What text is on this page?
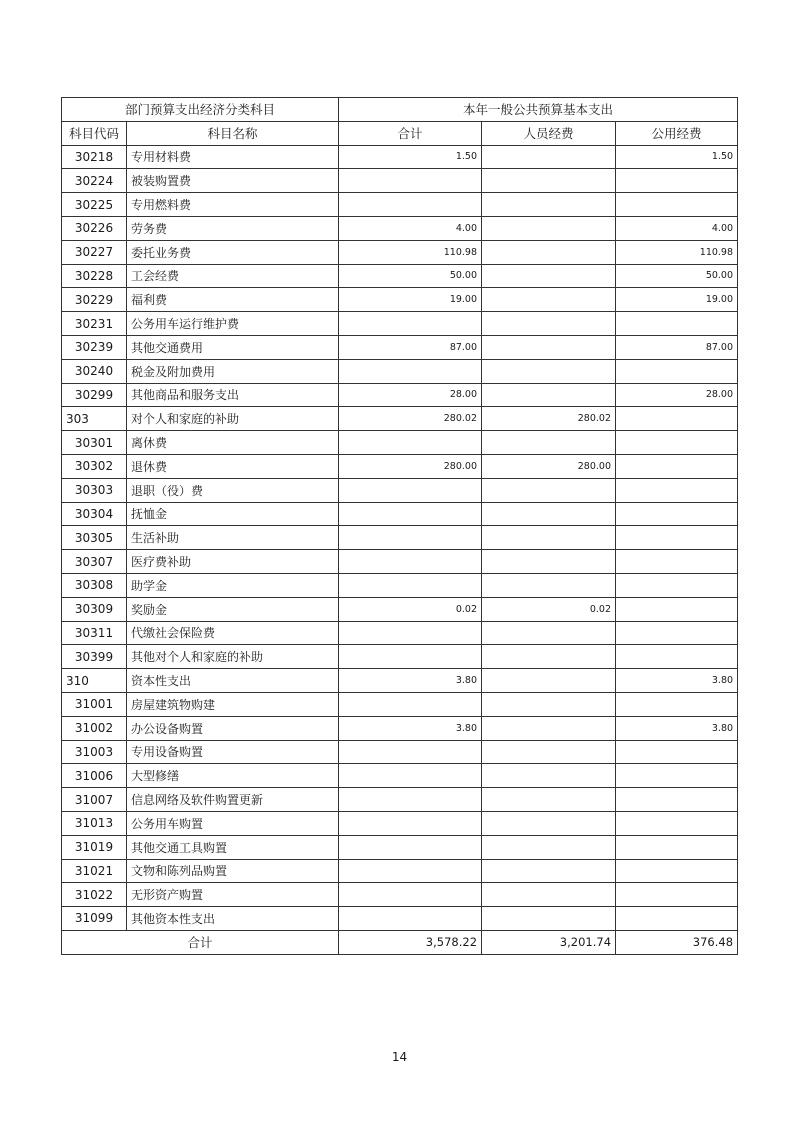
部门预算支出经济分类科目		本年一般公共预算基本支出		
科目代码	科目名称	合计	人员经费	公用经费
30218	专用材料费	1.50		1.50
30224	被装购置费			
30225	专用燃料费			
30226	劳务费	4.00		4.00
30227	委托业务费	110.98		110.98
30228	工会经费	50.00		50.00
30229	福利费	19.00		19.00
30231	公务用车运行维护费			
30239	其他交通费用	87.00		87.00
30240	税金及附加费用			
30299	其他商品和服务支出	28.00		28.00
303	对个人和家庭的补助	280.02	280.02	
30301	离休费			
30302	退休费	280.00	280.00	
30303	退职（役）费			
30304	抚恤金			
30305	生活补助			
30307	医疗费补助			
30308	助学金			
30309	奖励金	0.02	0.02	
30311	代缴社会保险费			
30399	其他对个人和家庭的补助			
310	资本性支出	3.80		3.80
31001	房屋建筑物购建			
31002	办公设备购置	3.80		3.80
31003	专用设备购置			
31006	大型修缮			
31007	信息网络及软件购置更新			
31013	公务用车购置			
31019	其他交通工具购置			
31021	文物和陈列品购置			
31022	无形资产购置			
31099	其他资本性支出			
合计		3,578.22	3,201.74	376.48
14
